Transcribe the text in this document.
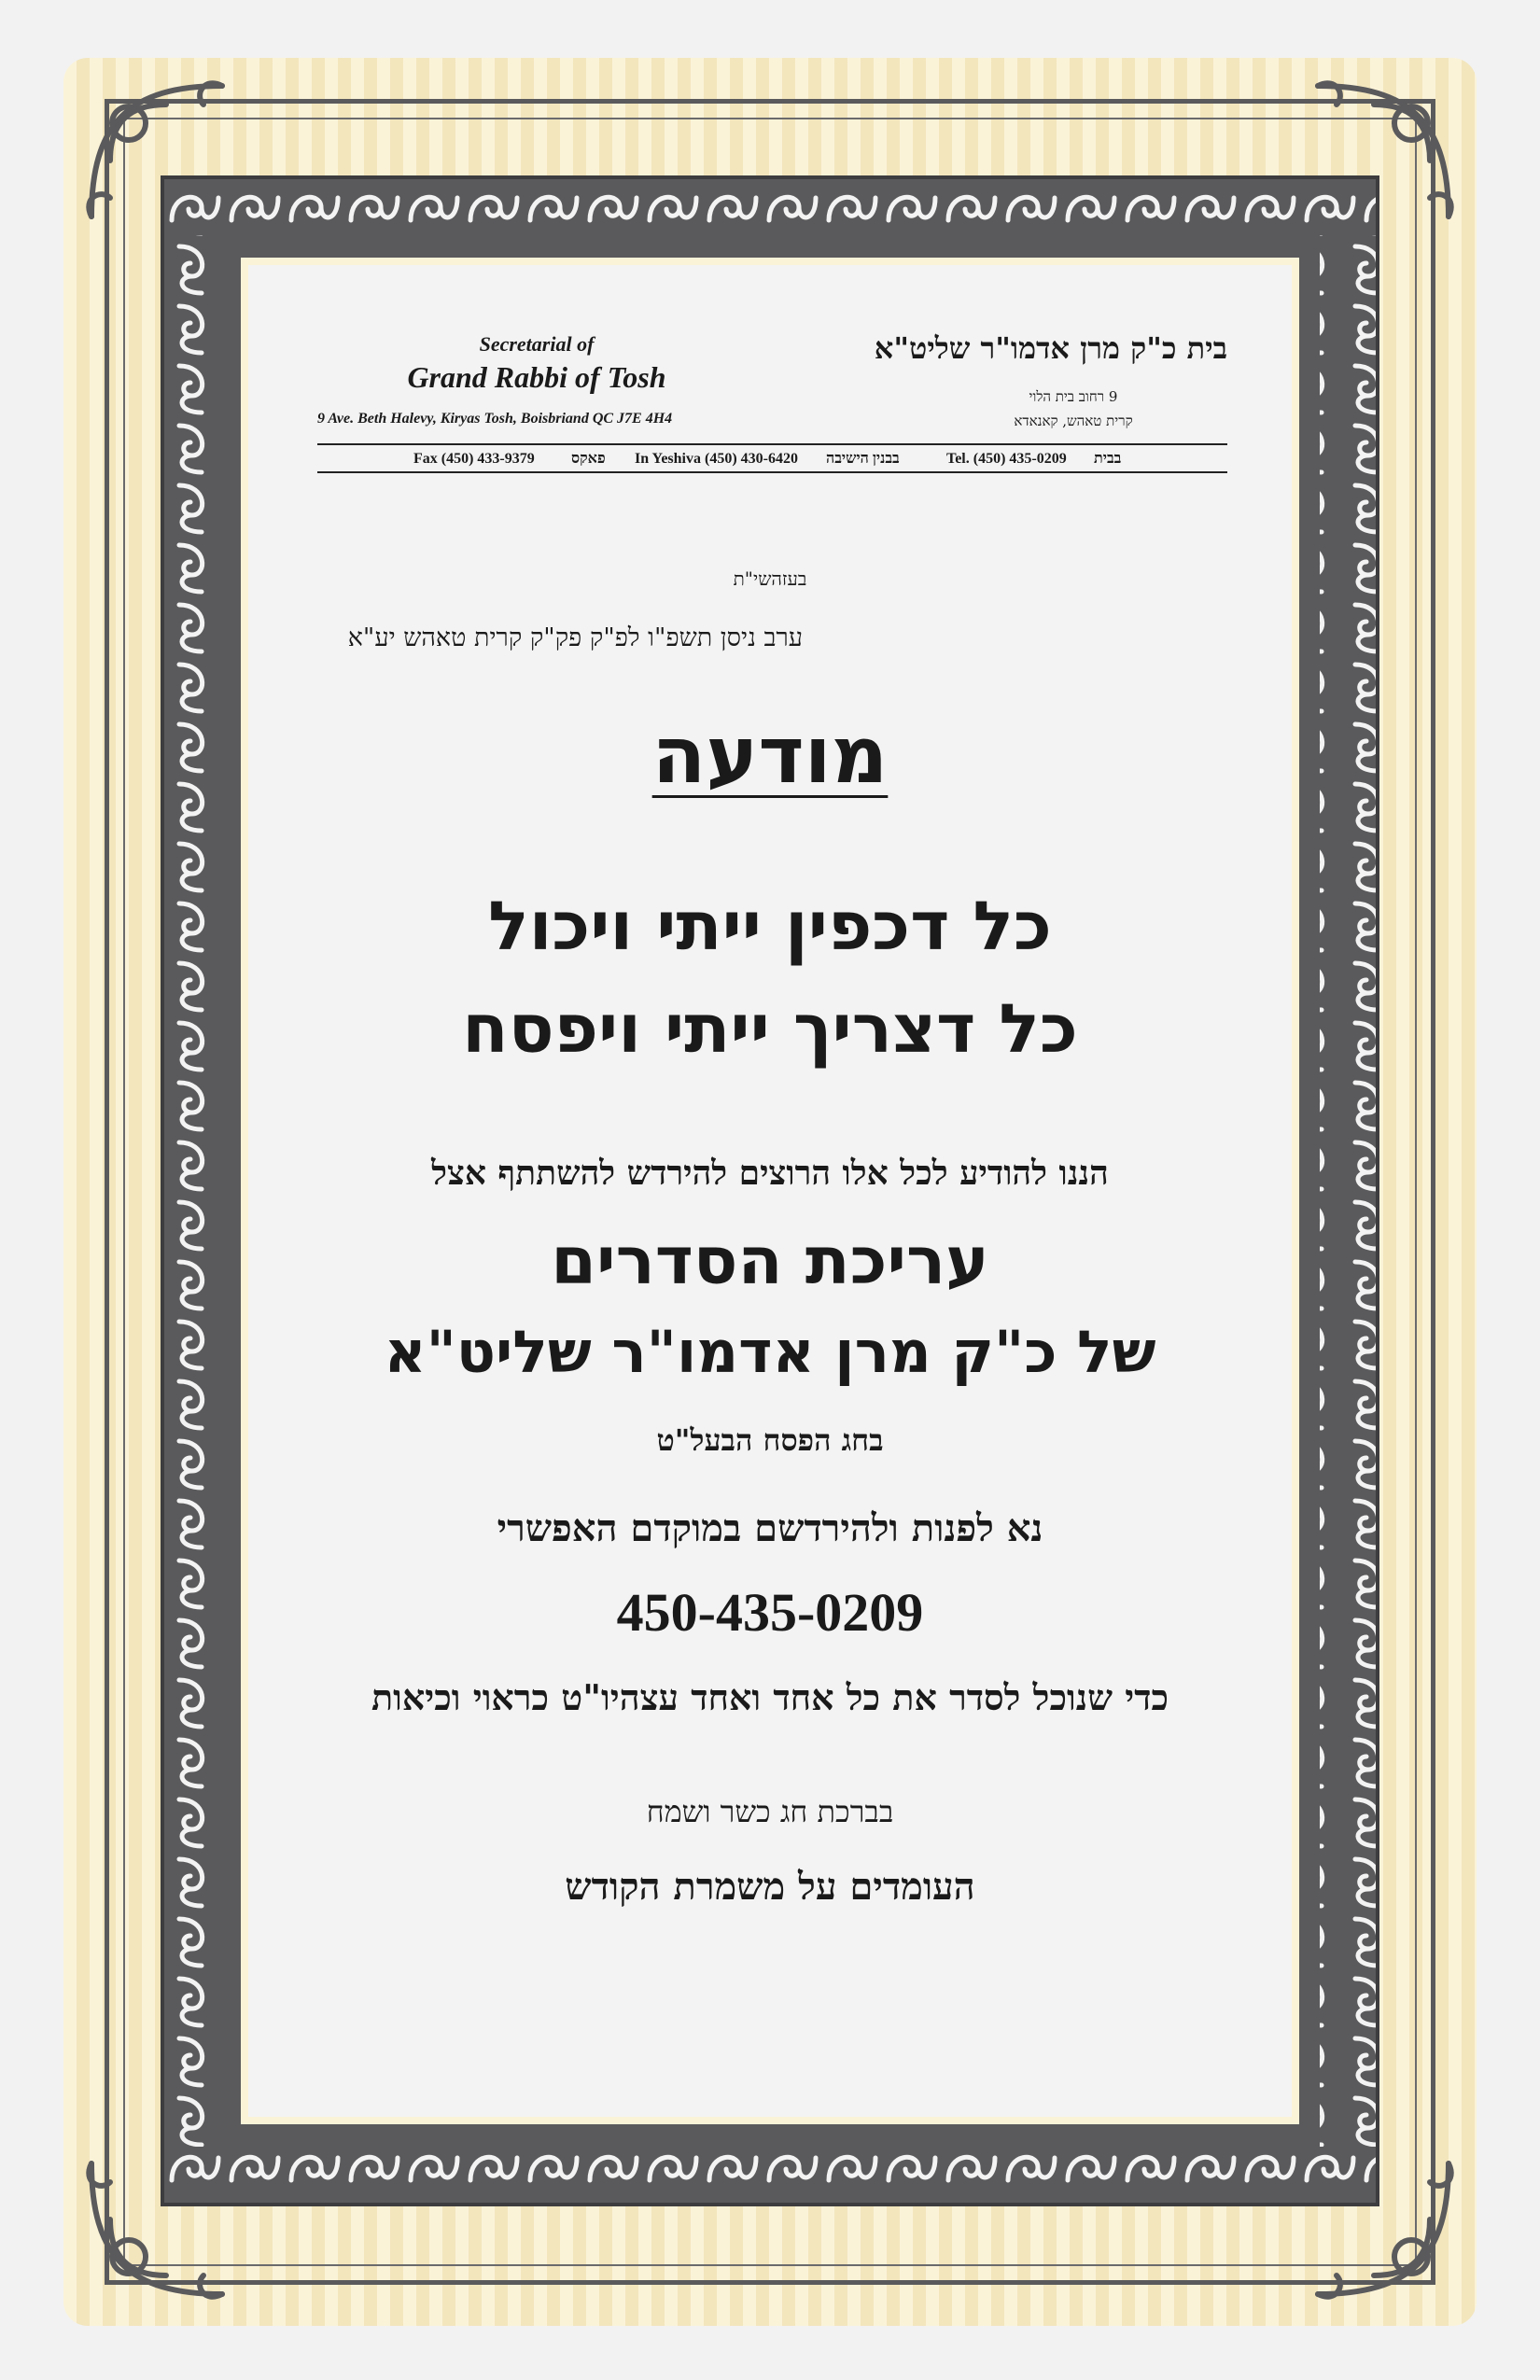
Secretarial of
Grand Rabbi of Tosh
9 Ave. Beth Halevy, Kiryas Tosh, Boisbriand QC J7E 4H4
בית כ"ק מרן אדמו"ר שליט"א
9 רחוב בית הלוי
קרית טאהש, קאנאדא
Fax (450) 433-9379 פאקס In Yeshiva (450) 430-6420 בבנין הישיבה	Tel. (450) 435-0209 בבית
בעזהשי"ת
ערב ניסן תשפ"ו לפ"ק פק"ק קרית טאהש יע"א
מודעה
כל דכפין ייתי ויכול
כל דצריך ייתי ויפסח
הננו להודיע לכל אלו הרוצים להירדש להשתתף אצל
עריכת הסדרים
של כ"ק מרן אדמו"ר שליט"א
בחג הפסח הבעל"ט
נא לפנות ולהירדשם במוקדם האפשרי
450-435-0209
כדי שנוכל לסדר את כל אחד ואחד עצהיו"ט כראוי וכיאות
בברכת חג כשר ושמח
העומדים על משמרת הקודש
